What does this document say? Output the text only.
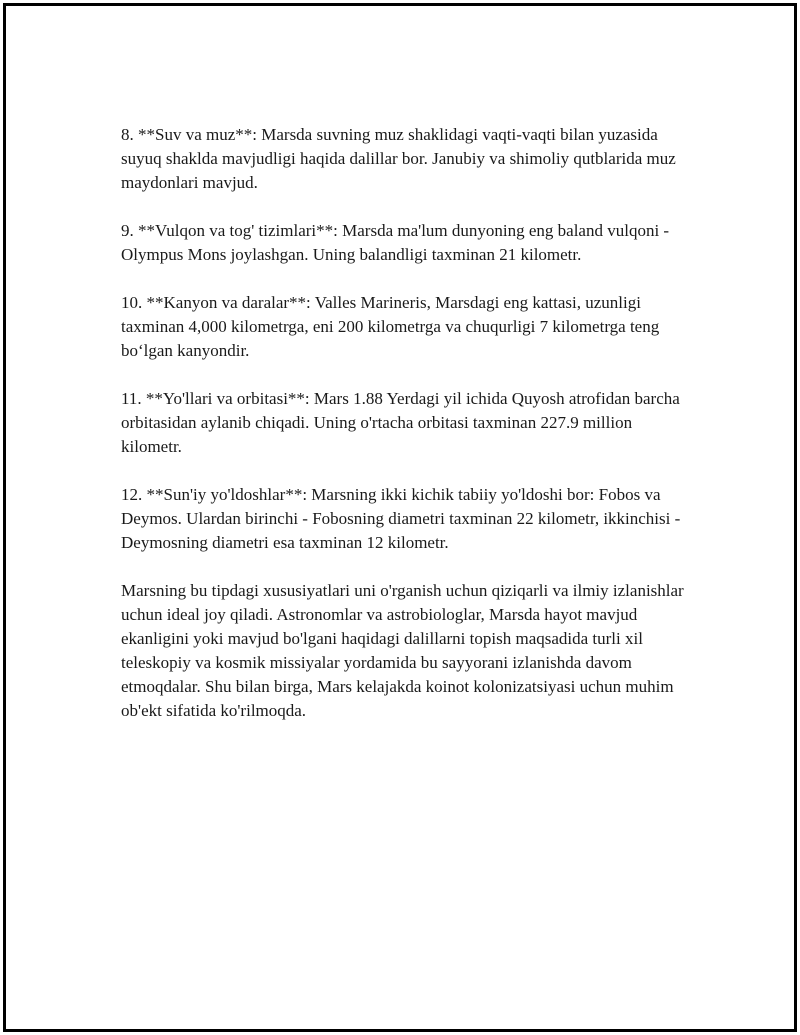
8. **Suv va muz**: Marsda suvning muz shaklidagi vaqti-vaqti bilan yuzasida suyuq shaklda mavjudligi haqida dalillar bor. Janubiy va shimoliy qutblarida muz maydonlari mavjud.

9. **Vulqon va tog' tizimlari**: Marsda ma'lum dunyoning eng baland vulqoni - Olympus Mons joylashgan. Uning balandligi taxminan 21 kilometr.

10. **Kanyon va daralar**: Valles Marineris, Marsdagi eng kattasi, uzunligi taxminan 4,000 kilometrga, eni 200 kilometrga va chuqurligi 7 kilometrga teng bo‘lgan kanyondir.

11. **Yo'llari va orbitasi**: Mars 1.88 Yerdagi yil ichida Quyosh atrofidan barcha orbitasidan aylanib chiqadi. Uning o'rtacha orbitasi taxminan 227.9 million kilometr.

12. **Sun'iy yo'ldoshlar**: Marsning ikki kichik tabiiy yo'ldoshi bor: Fobos va Deymos. Ulardan birinchi - Fobosning diametri taxminan 22 kilometr, ikkinchisi - Deymosning diametri esa taxminan 12 kilometr.

Marsning bu tipdagi xususiyatlari uni o'rganish uchun qiziqarli va ilmiy izlanishlar uchun ideal joy qiladi. Astronomlar va astrobiologlar, Marsda hayot mavjud ekanligini yoki mavjud bo'lgani haqidagi dalillarni topish maqsadida turli xil teleskopiy va kosmik missiyalar yordamida bu sayyorani izlanishda davom etmoqdalar. Shu bilan birga, Mars kelajakda koinot kolonizatsiyasi uchun muhim ob'ekt sifatida ko'rilmoqda.
